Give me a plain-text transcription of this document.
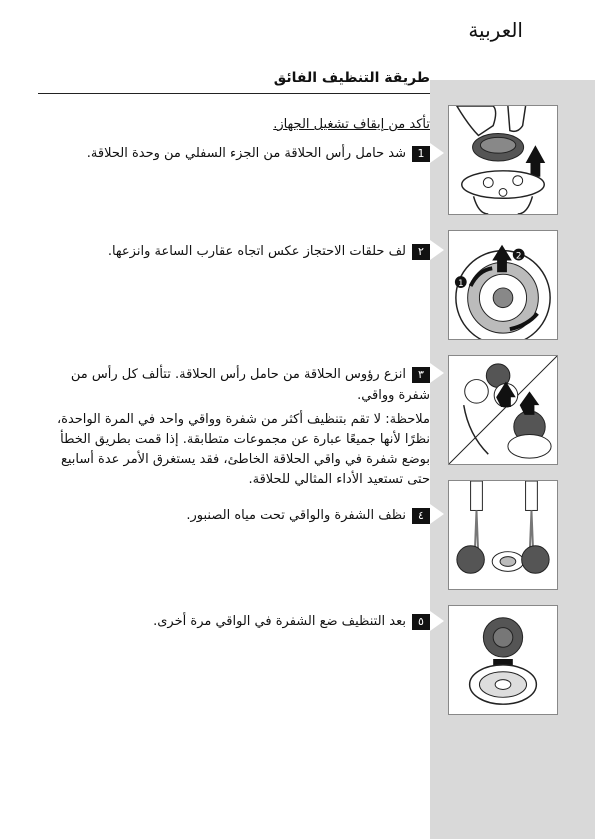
العربية
طريقة التنظيف الفائق
تأكد من إيقاف تشغيل الجهاز.
1شد حامل رأس الحلاقة من الجزء السفلي من وحدة الحلاقة.
٢لف حلقات الاحتجاز عكس اتجاه عقارب الساعة وانزعها.
٣انزع رؤوس الحلاقة من حامل رأس الحلاقة. تتألف كل رأس من شفرة وواقي.
ملاحظة: لا تقم بتنظيف أكثر من شفرة وواقي واحد في المرة الواحدة، نظرًا لأنها جميعًا عبارة عن مجموعات متطابقة. إذا قمت بطريق الخطأ بوضع شفرة في واقي الحلاقة الخاطئ، فقد يستغرق الأمر عدة أسابيع حتى تستعيد الأداء المثالي للحلاقة.
٤نظف الشفرة والواقي تحت مياه الصنبور.
٥بعد التنظيف ضع الشفرة في الواقي مرة أخرى.
2
1
